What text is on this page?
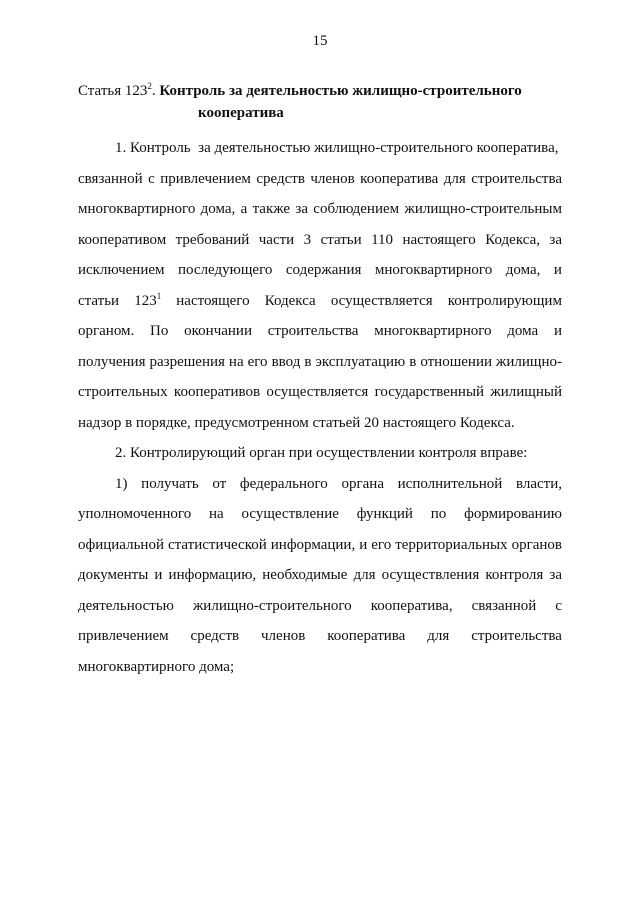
15
Статья $123^2$. Контроль за деятельностью жилищно-строительного
кооператива
1. Контроль  за деятельностью жилищно-строительного кооператива,
связанной с привлечением средств членов кооператива для строительства
многоквартирного дома, а также за соблюдением жилищно-строительным
кооперативом требований части 3 статьи 110 настоящего Кодекса, за
исключением последующего содержания многоквартирного дома, и
статьи $123^1$ настоящего Кодекса осуществляется контролирующим
органом. По окончании строительства многоквартирного дома и
получения разрешения на его ввод в эксплуатацию в отношении жилищно-
строительных кооперативов осуществляется государственный жилищный
надзор в порядке, предусмотренном статьей 20 настоящего Кодекса.
2. Контролирующий орган при осуществлении контроля вправе:
1) получать от федерального органа исполнительной власти,
уполномоченного на осуществление функций по формированию
официальной статистической информации, и его территориальных органов
документы и информацию, необходимые для осуществления контроля за
деятельностью жилищно-строительного кооператива, связанной с
привлечением средств членов кооператива для строительства
многоквартирного дома;
